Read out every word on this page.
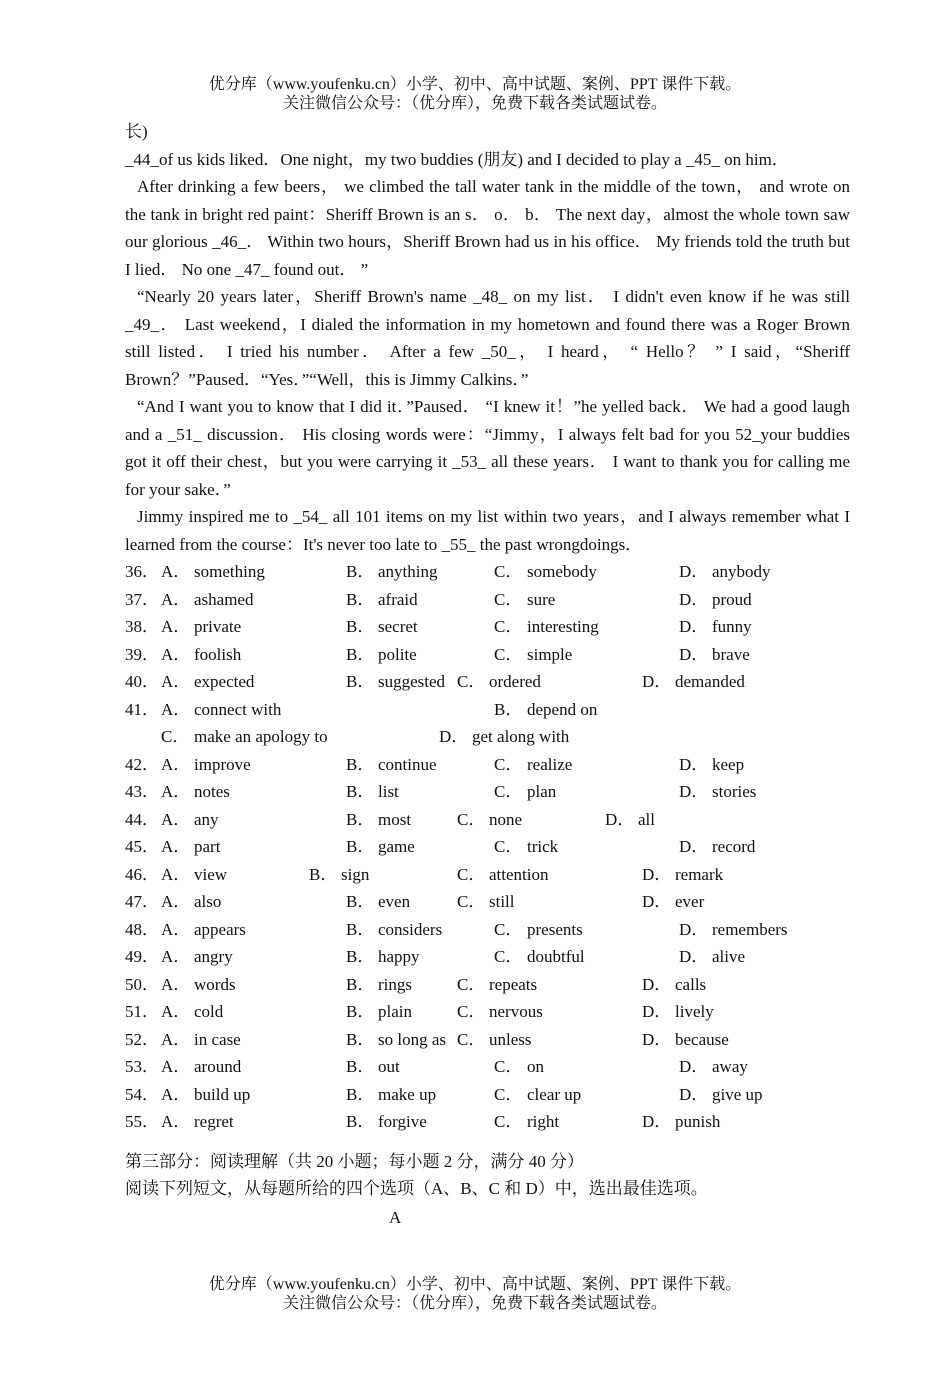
优分库（www.youfenku.cn）小学、初中、高中试题、案例、PPT 课件下载。
关注微信公众号：（优分库），免费下载各类试题试卷。

长)

_44_of us kids liked．One night，my two buddies (朋友) and I decided to play a _45_ on him．

After drinking a few beers， we climbed the tall water tank in the middle of the town， and wrote on the tank in bright red paint：Sheriff Brown is an s． o． b． The next day，almost the whole town saw our glorious _46_． Within two hours，Sheriff Brown had us in his office． My friends told the truth but I lied． No one _47_ found out． ”

“Nearly 20 years later，Sheriff Brown's name _48_ on my list． I didn't even know if he was still _49_． Last weekend，I dialed the information in my hometown and found there was a Roger Brown still listed． I tried his number． After a few _50_， I heard， “ Hello？ ” I said，“Sheriff Brown？”Paused．“Yes．”“Well，this is Jimmy Calkins．”

“And I want you to know that I did it．”Paused． “I knew it！”he yelled back． We had a good laugh and a _51_ discussion． His closing words were：“Jimmy，I always felt bad for you 52_your buddies got it off their chest，but you were carrying it _53_ all these years． I want to thank you for calling me for your sake．”

Jimmy inspired me to _54_ all 101 items on my list within two years，and I always remember what I learned from the course：It's never too late to _55_ the past wrongdoings．

36． A． something	B． anything	C． somebody	D． anybody
37． A． ashamed	B． afraid	C． sure	D． proud
38． A． private	B． secret	C． interesting	D． funny
39． A． foolish	B． polite	C． simple	D． brave
40． A． expected	B． suggested C． ordered	D． demanded
41． A． connect with	B． depend on
C． make an apology to	D． get along with
42． A． improve	B． continue	C． realize	D． keep
43． A． notes	B． list	C． plan	D． stories
44． A． any	B． most	C． none	D． all
45． A． part	B． game	C． trick	D． record
46． A． view	B． sign	C． attention	D． remark
47． A． also	B． even	C． still	D． ever
48． A． appears	B． considers	C． presents	D． remembers
49． A． angry	B． happy	C． doubtful	D． alive
50． A． words	B． rings	C． repeats	D． calls
51． A． cold	B． plain	C． nervous	D． lively
52． A． in case	B． so long as C． unless	D． because
53． A． around	B． out	C． on	D． away
54． A． build up	B． make up	C． clear up	D． give up
55． A． regret	B． forgive	C． right	D． punish
第三部分：阅读理解（共 20 小题；每小题 2 分，满分 40 分）
阅读下列短文，从每题所给的四个选项（A、B、C 和 D）中，选出最佳选项。
A
优分库（www.youfenku.cn）小学、初中、高中试题、案例、PPT 课件下载。
关注微信公众号：（优分库），免费下载各类试题试卷。
